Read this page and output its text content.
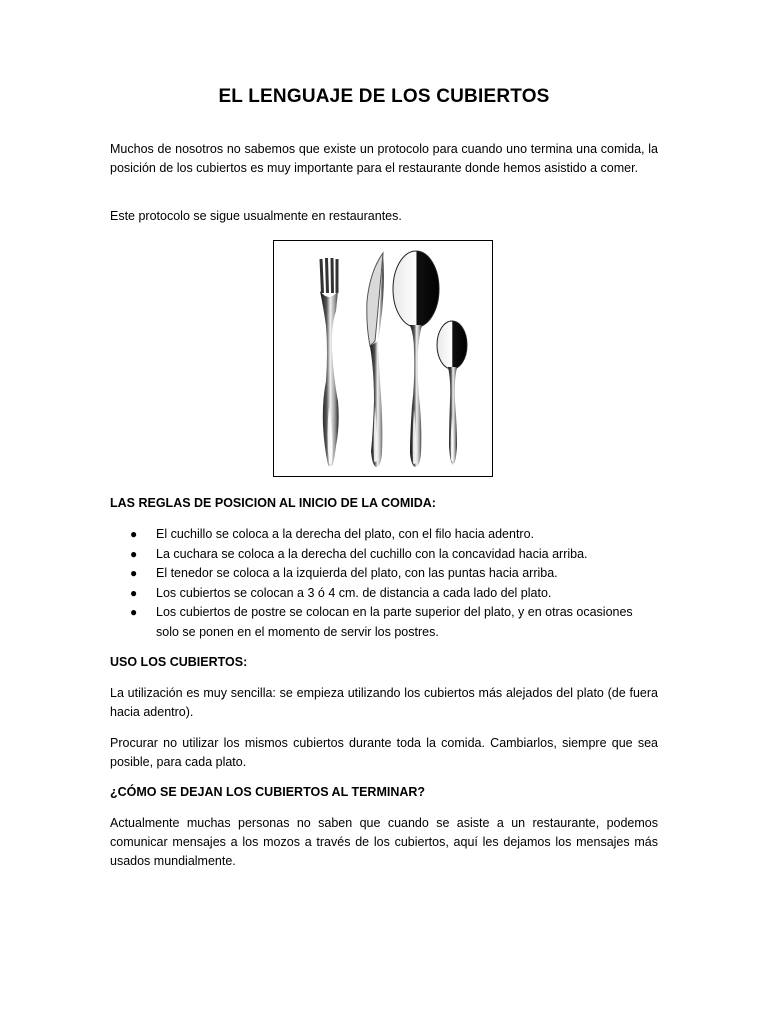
EL LENGUAJE DE LOS CUBIERTOS

Muchos de nosotros no sabemos que existe un protocolo para cuando uno termina una comida, la posición de los cubiertos es muy importante para el restaurante donde hemos asistido a comer.

Este protocolo se sigue usualmente en restaurantes.

LAS REGLAS DE POSICION AL INICIO DE LA COMIDA:

● El cuchillo se coloca a la derecha del plato, con el filo hacia adentro.
● La cuchara se coloca a la derecha del cuchillo con la concavidad hacia arriba.
● El tenedor se coloca a la izquierda del plato, con las puntas hacia arriba.
● Los cubiertos se colocan a 3 ó 4 cm. de distancia a cada lado del plato.
● Los cubiertos de postre se colocan en la parte superior del plato, y en otras ocasiones solo se ponen en el momento de servir los postres.

USO LOS CUBIERTOS:

La utilización es muy sencilla: se empieza utilizando los cubiertos más alejados del plato (de fuera hacia adentro).

Procurar no utilizar los mismos cubiertos durante toda la comida. Cambiarlos, siempre que sea posible, para cada plato.

¿CÓMO SE DEJAN LOS CUBIERTOS AL TERMINAR?

Actualmente muchas personas no saben que cuando se asiste a un restaurante, podemos comunicar mensajes a los mozos a través de los cubiertos, aquí les dejamos los mensajes más usados mundialmente.
